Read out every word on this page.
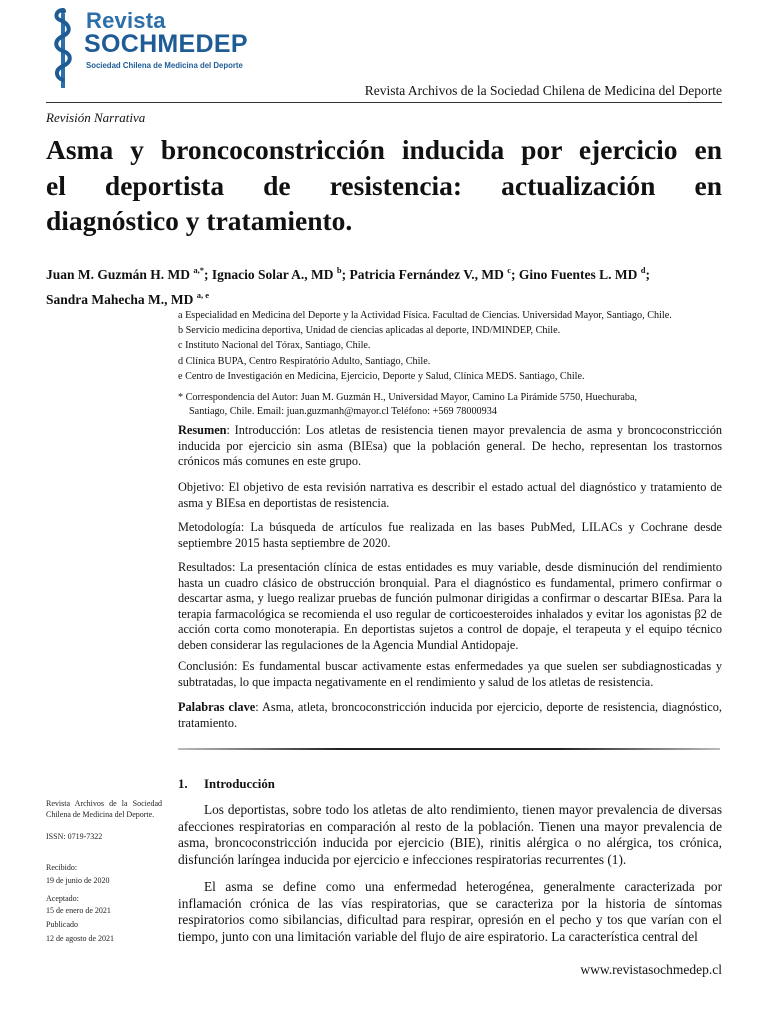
Revista
SOCHMEDEP
Sociedad Chilena de Medicina del Deporte
Revista Archivos de la Sociedad Chilena de Medicina del Deporte
Revisión Narrativa
Asma y broncoconstricción inducida por ejercicio en
el deportista de resistencia: actualización en
diagnóstico y tratamiento.
Juan M. Guzmán H. MD $^{a,*}$; Ignacio Solar A., MD $^b$; Patricia Fernández V., MD $^c$; Gino Fuentes L. MD $^d$;
Sandra Mahecha M., MD $^{a, e}$
a Especialidad en Medicina del Deporte y la Actividad Física. Facultad de Ciencias. Universidad Mayor, Santiago, Chile.
b Servicio medicina deportiva, Unidad de ciencias aplicadas al deporte, IND/MINDEP, Chile.
c Instituto Nacional del Tórax, Santiago, Chile.
d Clínica BUPA, Centro Respiratório Adulto, Santiago, Chile.
e Centro de Investigación en Medicina, Ejercicio, Deporte y Salud, Clínica MEDS. Santiago, Chile.
* Correspondencia del Autor: Juan M. Guzmán H., Universidad Mayor, Camino La Pirámide 5750, Huechuraba,
Santiago, Chile. Email: juan.guzmanh@mayor.cl Teléfono: +569 78000934

Resumen: Introducción: Los atletas de resistencia tienen mayor prevalencia de asma y broncoconstricción inducida por ejercicio sin asma (BIEsa) que la población general. De hecho, representan los trastornos crónicos más comunes en este grupo.

Objetivo: El objetivo de esta revisión narrativa es describir el estado actual del diagnóstico y tratamiento de asma y BIEsa en deportistas de resistencia.

Metodología: La búsqueda de artículos fue realizada en las bases PubMed, LILACs y Cochrane desde septiembre 2015 hasta septiembre de 2020.

Resultados: La presentación clínica de estas entidades es muy variable, desde disminución del rendimiento hasta un cuadro clásico de obstrucción bronquial. Para el diagnóstico es fundamental, primero confirmar o descartar asma, y luego realizar pruebas de función pulmonar dirigidas a confirmar o descartar BIEsa. Para la terapia farmacológica se recomienda el uso regular de corticoesteroides inhalados y evitar los agonistas β2 de acción corta como monoterapia. En deportistas sujetos a control de dopaje, el terapeuta y el equipo técnico deben considerar las regulaciones de la Agencia Mundial Antidopaje.

Conclusión: Es fundamental buscar activamente estas enfermedades ya que suelen ser subdiagnosticadas y subtratadas, lo que impacta negativamente en el rendimiento y salud de los atletas de resistencia.

Palabras clave: Asma, atleta, broncoconstricción inducida por ejercicio, deporte de resistencia, diagnóstico, tratamiento.

1. Introducción

Los deportistas, sobre todo los atletas de alto rendimiento, tienen mayor prevalencia de diversas afecciones respiratorias en comparación al resto de la población. Tienen una mayor prevalencia de asma, broncoconstricción inducida por ejercicio (BIE), rinitis alérgica o no alérgica, tos crónica, disfunción laríngea inducida por ejercicio e infecciones respiratorias recurrentes (1).

El asma se define como una enfermedad heterogénea, generalmente caracterizada por inflamación crónica de las vías respiratorias, que se caracteriza por la historia de síntomas respiratorios como sibilancias, dificultad para respirar, opresión en el pecho y tos que varían con el tiempo, junto con una limitación variable del flujo de aire espiratorio. La característica central del

Revista Archivos de la Sociedad Chilena de Medicina del Deporte.
ISSN: 0719-7322
Recibido:
19 de junio de 2020
Aceptado:
15 de enero de 2021
Publicado
12 de agosto de 2021
www.revistasochmedep.cl
